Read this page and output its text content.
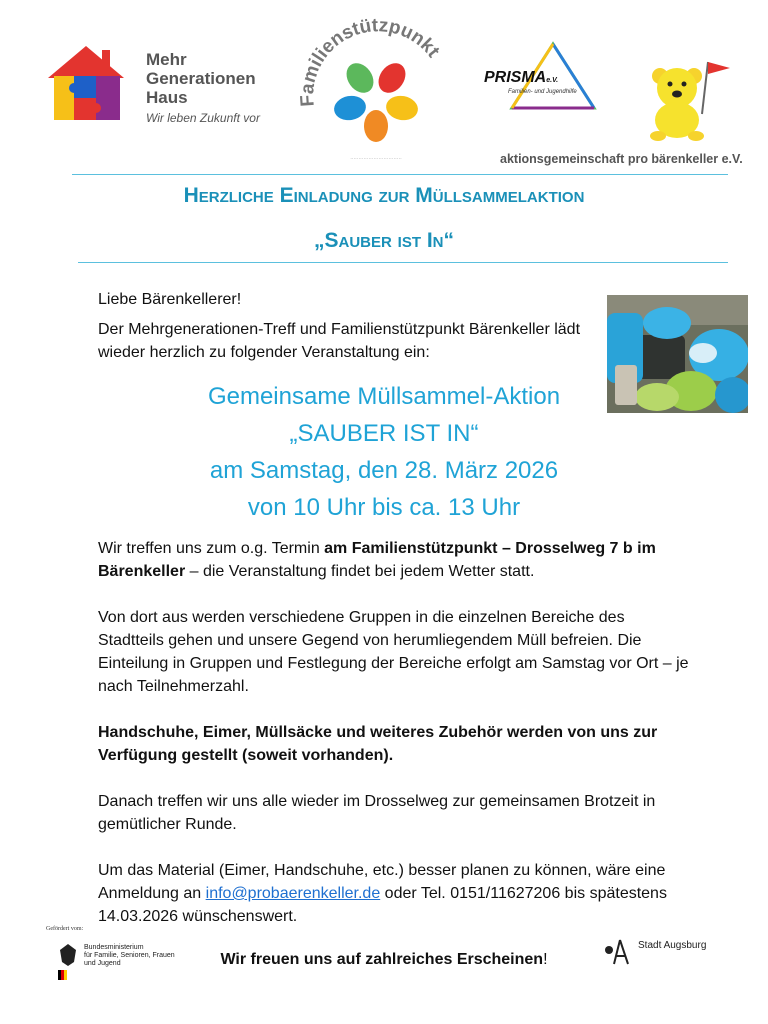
Mehr
Generationen
Haus
Wir leben Zukunft vor
Familienstützpunkt
·······························
PRISMAe.V.
Familien- und Jugendhilfe
aktionsgemeinschaft pro bärenkeller e.V.
Herzliche Einladung zur Müllsammelaktion
„Sauber ist In“
Liebe Bärenkellerer!
Der Mehrgenerationen-Treff und Familienstützpunkt Bärenkeller lädt wieder herzlich zu folgender Veranstaltung ein:
Gemeinsame Müllsammel-Aktion
„SAUBER IST IN“
am Samstag, den 28. März 2026
von 10 Uhr bis ca. 13 Uhr
Wir treffen uns zum o.g. Termin am Familienstützpunkt – Drosselweg 7 b im Bärenkeller – die Veranstaltung findet bei jedem Wetter statt.
Von dort aus werden verschiedene Gruppen in die einzelnen Bereiche des Stadtteils gehen und unsere Gegend von herumliegendem Müll befreien. Die Einteilung in Gruppen und Festlegung der Bereiche erfolgt am Samstag vor Ort – je nach Teilnehmerzahl.
Handschuhe, Eimer, Müllsäcke und weiteres Zubehör werden von uns zur Verfügung gestellt (soweit vorhanden).
Danach treffen wir uns alle wieder im Drosselweg zur gemeinsamen Brotzeit in gemütlicher Runde.
Um das Material (Eimer, Handschuhe, etc.) besser planen zu können, wäre eine Anmeldung an info@probaerenkeller.de oder Tel. 0151/11627206 bis spätestens 14.03.2026 wünschenswert.
Gefördert vom:
Bundesministerium
für Familie, Senioren, Frauen
und Jugend	Wir freuen uns auf zahlreiches Erscheinen!
Stadt Augsburg
